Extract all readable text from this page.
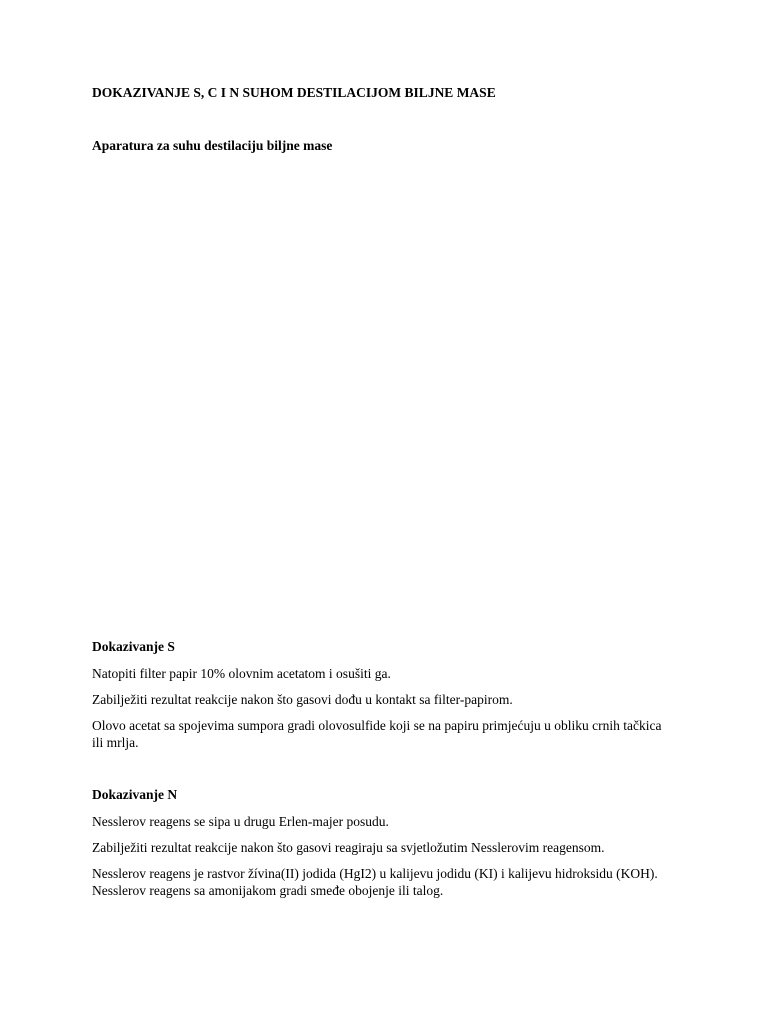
DOKAZIVANJE S, C I N SUHOM DESTILACIJOM BILJNE MASE
Aparatura za suhu destilaciju biljne mase

Dokazivanje S

Natopiti filter papir 10% olovnim acetatom i osušiti ga.

Zabilježiti rezultat reakcije nakon što gasovi dođu u kontakt sa filter-papirom.

Olovo acetat sa spojevima sumpora gradi olovosulfide koji se na papiru primjećuju u obliku crnih tačkica ili mrlja.

Dokazivanje N

Nesslerov reagens se sipa u drugu Erlen-majer posudu.

Zabilježiti rezultat reakcije nakon što gasovi reagiraju sa svjetložutim Nesslerovim reagensom.

Nesslerov reagens je rastvor žívina(II) jodida (HgI2) u kalijevu jodidu (KI) i kalijevu hidroksidu (KOH). Nesslerov reagens sa amonijakom gradi smeđe obojenje ili talog.
